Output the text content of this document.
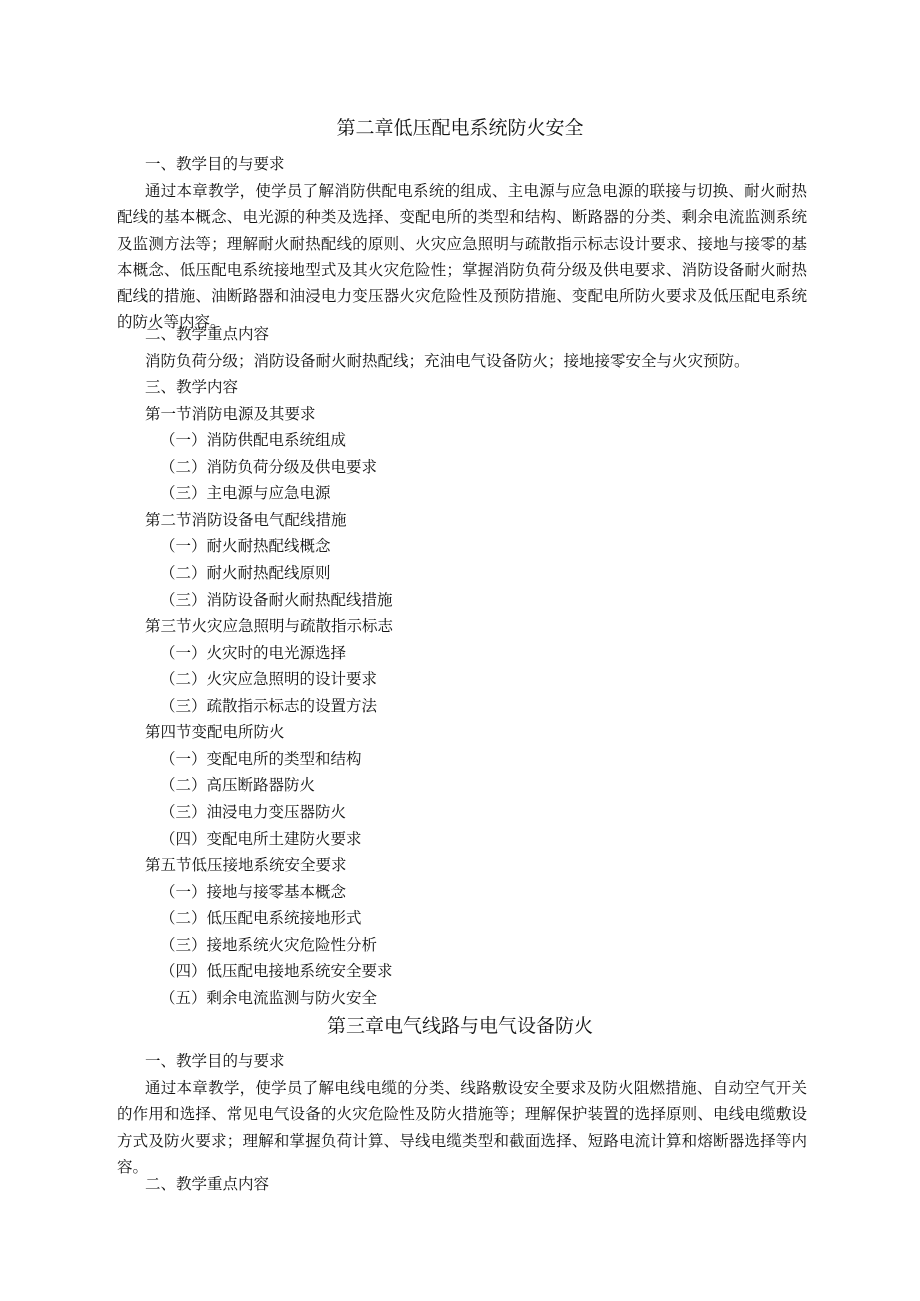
第二章低压配电系统防火安全
一、教学目的与要求
通过本章教学，使学员了解消防供配电系统的组成、主电源与应急电源的联接与切换、耐火耐热配线的基本概念、电光源的种类及选择、变配电所的类型和结构、断路器的分类、剩余电流监测系统及监测方法等；理解耐火耐热配线的原则、火灾应急照明与疏散指示标志设计要求、接地与接零的基本概念、低压配电系统接地型式及其火灾危险性；掌握消防负荷分级及供电要求、消防设备耐火耐热配线的措施、油断路器和油浸电力变压器火灾危险性及预防措施、变配电所防火要求及低压配电系统的防火等内容。
二、教学重点内容
消防负荷分级；消防设备耐火耐热配线；充油电气设备防火；接地接零安全与火灾预防。
三、教学内容
第一节消防电源及其要求
（一）消防供配电系统组成
（二）消防负荷分级及供电要求
（三）主电源与应急电源
第二节消防设备电气配线措施
（一）耐火耐热配线概念
（二）耐火耐热配线原则
（三）消防设备耐火耐热配线措施
第三节火灾应急照明与疏散指示标志
（一）火灾时的电光源选择
（二）火灾应急照明的设计要求
（三）疏散指示标志的设置方法
第四节变配电所防火
（一）变配电所的类型和结构
（二）高压断路器防火
（三）油浸电力变压器防火
（四）变配电所土建防火要求
第五节低压接地系统安全要求
（一）接地与接零基本概念
（二）低压配电系统接地形式
（三）接地系统火灾危险性分析
（四）低压配电接地系统安全要求
（五）剩余电流监测与防火安全
第三章电气线路与电气设备防火
一、教学目的与要求
通过本章教学，使学员了解电线电缆的分类、线路敷设安全要求及防火阻燃措施、自动空气开关的作用和选择、常见电气设备的火灾危险性及防火措施等；理解保护装置的选择原则、电线电缆敷设方式及防火要求；理解和掌握负荷计算、导线电缆类型和截面选择、短路电流计算和熔断器选择等内容。
二、教学重点内容
